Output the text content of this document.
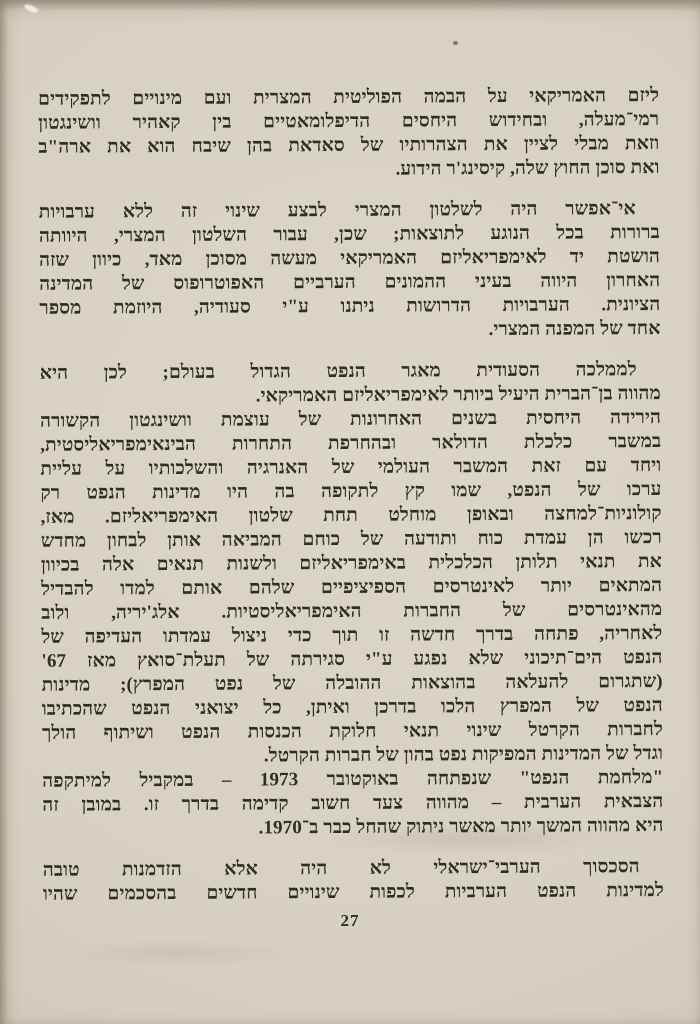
ליזם האמריקאי על הבמה הפוליטית המצרית ועם מינויים לתפקידים
רמי־מעלה, ובחידוש היחסים הדיפלומאטיים בין קאהיר וושינגטון
וזאת מבלי לציין את הצהרותיו של סאדאת בהן שיבח הוא את ארה"ב
ואת סוכן החוץ שלה, קיסינג'ר הידוע.
אי־אפשר היה לשלטון המצרי לבצע שינוי זה ללא ערבויות
ברורות בכל הנוגע לתוצאות; שכן, עבור השלטון המצרי, היוותה
הושטת יד לאימפריאליזם האמריקאי מעשה מסוכן מאד, כיוון שזה
האחרון היווה בעיני ההמונים הערביים האפוטרופוס של המדינה
הציונית. הערבויות הדרושות ניתנו ע"י סעודיה, היוזמת מספר
אחד של המפנה המצרי.
לממלכה הסעודית מאגר הנפט הגדול בעולם; לכן היא
מהווה בן־הברית היעיל ביותר לאימפריאליזם האמריקאי.
הירידה היחסית בשנים האחרונות של עוצמת וושינגטון הקשורה
במשבר כלכלת הדולאר ובהחרפת התחרות הבינאימפריאליסטית,
ויחד עם זאת המשבר העולמי של האנרגיה והשלכותיו על עליית
ערכו של הנפט, שמו קץ לתקופה בה היו מדינות הנפט רק
קולוניות־למחצה ובאופן מוחלט תחת שלטון האימפריאליזם. מאז,
רכשו הן עמדת כוח ותודעה של כוחם המביאה אותן לבחון מחדש
את תנאי תלותן הכלכלית באימפריאליזם ולשנות תנאים אלה בכיוון
המתאים יותר לאינטרסים הספיציפיים שלהם אותם למדו להבדיל
מהאינטרסים של החברות האימפריאליסטיות. אלג'יריה, ולוב
לאחריה, פתחה בדרך חדשה זו תוך כדי ניצול עמדתו העדיפה של
הנפט הים־תיכוני שלא נפגע ע"י סגירתה של תעלת־סואץ מאז 67'
(שתגרום להעלאה בהוצאות ההובלה של נפט המפרץ); מדינות
הנפט של המפרץ הלכו בדרכן ואיתן, כל יצואני הנפט שהכתיבו
לחברות הקרטל שינוי תנאי חלוקת הכנסות הנפט ושיתוף הולך
וגדל של המדינות המפיקות נפט בהון של חברות הקרטל.
"מלחמת הנפט" שנפתחה באוקטובר 1973 – במקביל למיתקפה
הצבאית הערבית – מהווה צעד חשוב קדימה בדרך זו. במובן זה
היא מהווה המשך יותר מאשר ניתוק שהחל כבר ב־1970.
הסכסוך הערבי־ישראלי לא היה אלא הזדמנות טובה
למדינות הנפט הערביות לכפות שינויים חדשים בהסכמים שהיו
27
